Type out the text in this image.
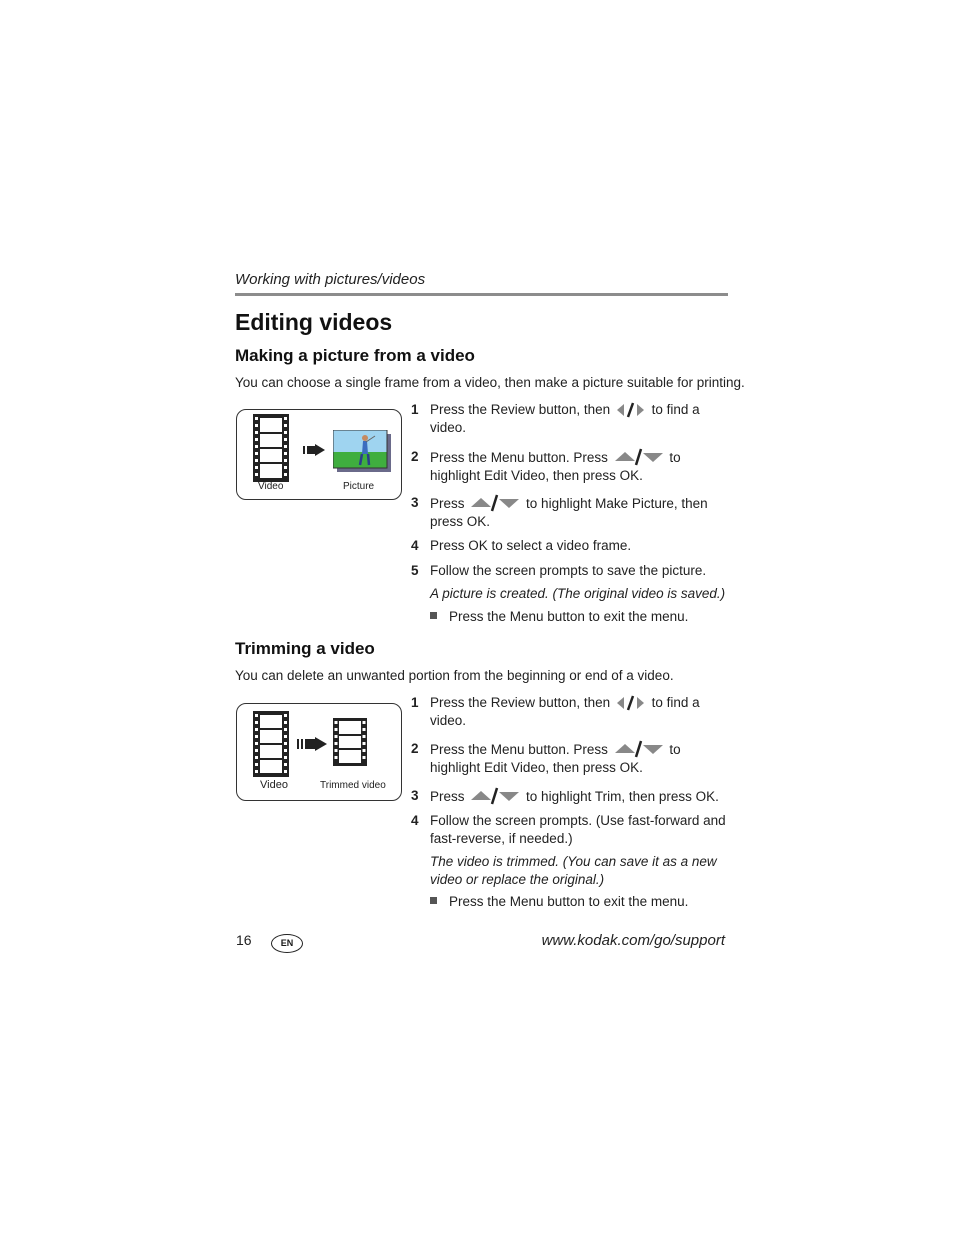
Working with pictures/videos
Editing videos
Making a picture from a video
You can choose a single frame from a video, then make a picture suitable for printing.
Video	Picture
1 Press the Review button, then	to find a video.
2 Press the Menu button. Press	to highlight Edit Video, then press OK.
3 Press	to highlight Make Picture, then press OK.
4 Press OK to select a video frame.
5 Follow the screen prompts to save the picture.
A picture is created. (The original video is saved.)
Press the Menu button to exit the menu.
Trimming a video
You can delete an unwanted portion from the beginning or end of a video.
Video	Trimmed video
1 Press the Review button, then	to find a video.
2 Press the Menu button. Press	to highlight Edit Video, then press OK.
3 Press	to highlight Trim, then press OK.
4 Follow the screen prompts. (Use fast-forward and fast-reverse, if needed.)
The video is trimmed. (You can save it as a new video or replace the original.)
Press the Menu button to exit the menu.
16	EN	www.kodak.com/go/support
